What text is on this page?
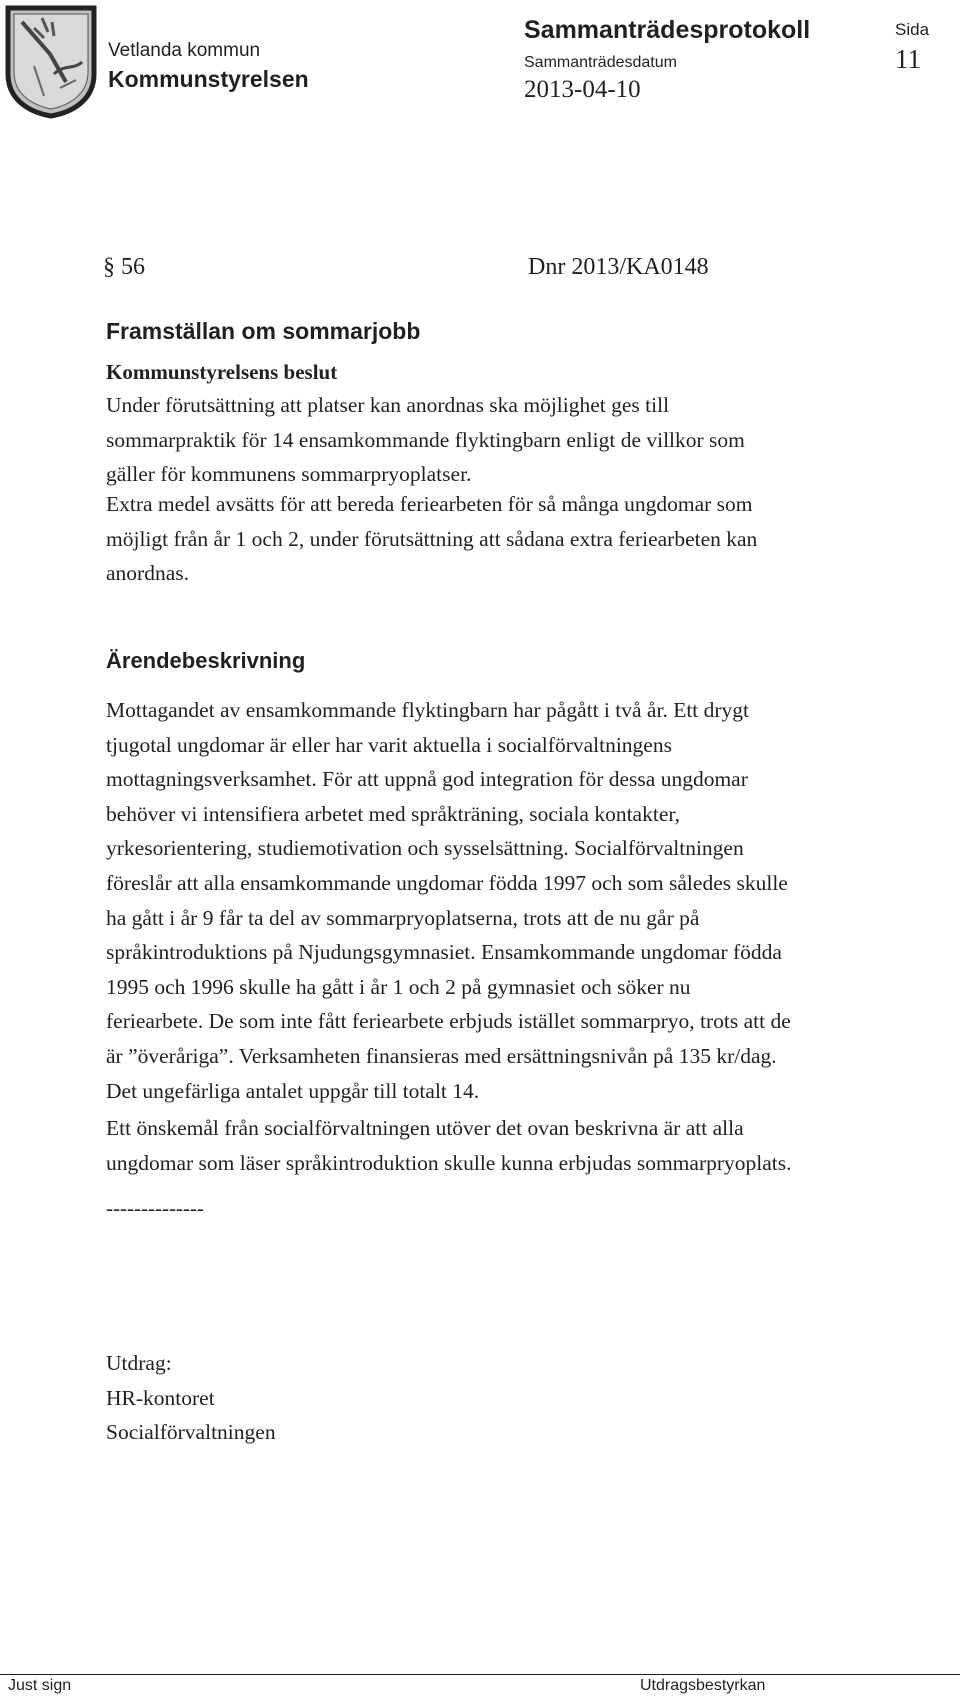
Vetlanda kommun
Kommunstyrelsen
Sammanträdesprotokoll
Sammanträdesdatum
2013-04-10
Sida
11
§ 56	Dnr 2013/KA0148
Framställan om sommarjobb
Kommunstyrelsens beslut
Under förutsättning att platser kan anordnas ska möjlighet ges till
sommarpraktik för 14 ensamkommande flyktingbarn enligt de villkor som
gäller för kommunens sommarpryoplatser.
Extra medel avsätts för att bereda feriearbeten för så många ungdomar som
möjligt från år 1 och 2, under förutsättning att sådana extra feriearbeten kan
anordnas.
Ärendebeskrivning
Mottagandet av ensamkommande flyktingbarn har pågått i två år. Ett drygt
tjugotal ungdomar är eller har varit aktuella i socialförvaltningens
mottagningsverksamhet. För att uppnå god integration för dessa ungdomar
behöver vi intensifiera arbetet med språkträning, sociala kontakter,
yrkesorientering, studiemotivation och sysselsättning. Socialförvaltningen
föreslår att alla ensamkommande ungdomar födda 1997 och som således skulle
ha gått i år 9 får ta del av sommarpryoplatserna, trots att de nu går på
språkintroduktions på Njudungsgymnasiet. Ensamkommande ungdomar födda
1995 och 1996 skulle ha gått i år 1 och 2 på gymnasiet och söker nu
feriearbete. De som inte fått feriearbete erbjuds istället sommarpryo, trots att de
är ”överåriga”. Verksamheten finansieras med ersättningsnivån på 135 kr/dag.
Det ungefärliga antalet uppgår till totalt 14.
Ett önskemål från socialförvaltningen utöver det ovan beskrivna är att alla
ungdomar som läser språkintroduktion skulle kunna erbjudas sommarpryoplats.
--------------
Utdrag:
HR-kontoret
Socialförvaltningen
Just sign	Utdragsbestyrkan
